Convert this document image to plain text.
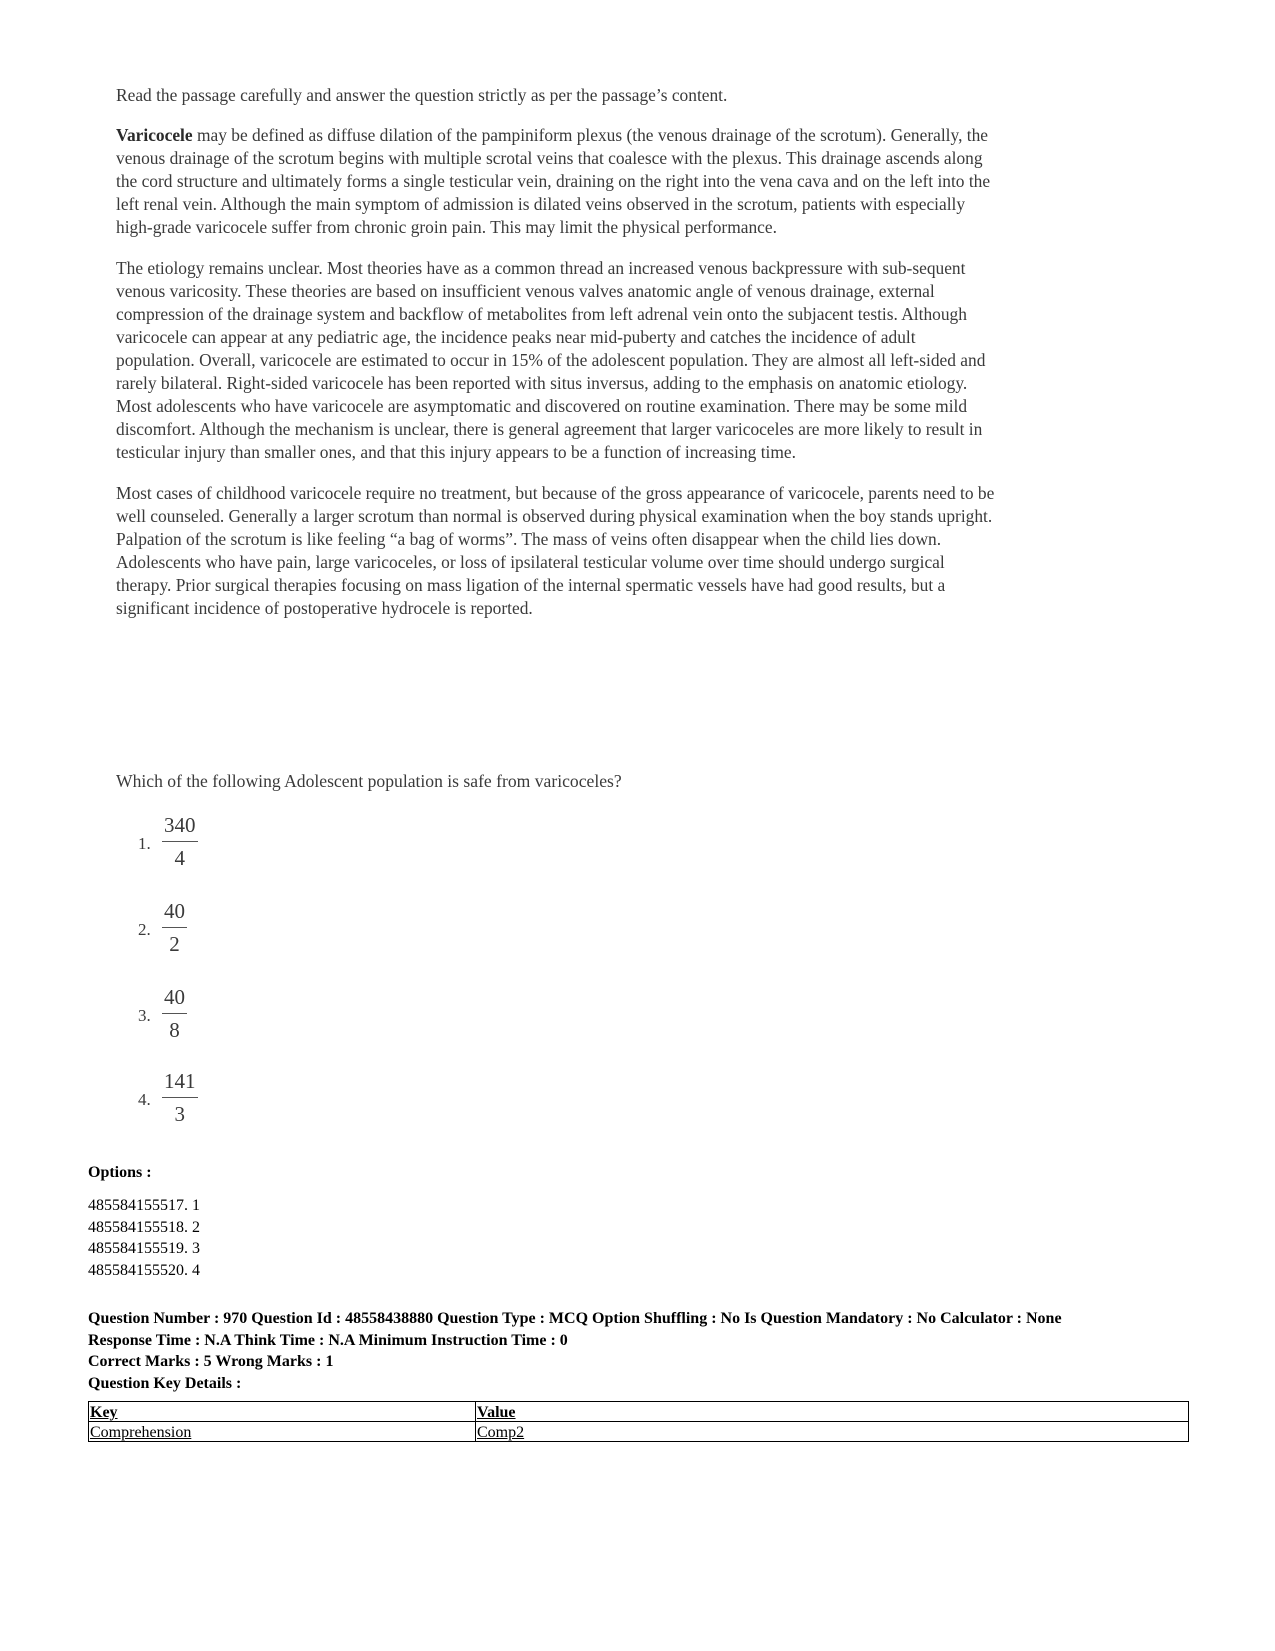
Read the passage carefully and answer the question strictly as per the passage’s content.

Varicocele may be defined as diffuse dilation of the pampiniform plexus (the venous drainage of the scrotum). Generally, the venous drainage of the scrotum begins with multiple scrotal veins that coalesce with the plexus. This drainage ascends along the cord structure and ultimately forms a single testicular vein, draining on the right into the vena cava and on the left into the left renal vein. Although the main symptom of admission is dilated veins observed in the scrotum, patients with especially high-grade varicocele suffer from chronic groin pain. This may limit the physical performance.

The etiology remains unclear. Most theories have as a common thread an increased venous backpressure with sub-sequent venous varicosity. These theories are based on insufficient venous valves anatomic angle of venous drainage, external compression of the drainage system and backflow of metabolites from left adrenal vein onto the subjacent testis. Although varicocele can appear at any pediatric age, the incidence peaks near mid-puberty and catches the incidence of adult population. Overall, varicocele are estimated to occur in 15% of the adolescent population. They are almost all left-sided and rarely bilateral. Right-sided varicocele has been reported with situs inversus, adding to the emphasis on anatomic etiology. Most adolescents who have varicocele are asymptomatic and discovered on routine examination. There may be some mild discomfort. Although the mechanism is unclear, there is general agreement that larger varicoceles are more likely to result in testicular injury than smaller ones, and that this injury appears to be a function of increasing time.

Most cases of childhood varicocele require no treatment, but because of the gross appearance of varicocele, parents need to be well counseled. Generally a larger scrotum than normal is observed during physical examination when the boy stands upright. Palpation of the scrotum is like feeling “a bag of worms”. The mass of veins often disappear when the child lies down. Adolescents who have pain, large varicoceles, or loss of ipsilateral testicular volume over time should undergo surgical therapy. Prior surgical therapies focusing on mass ligation of the internal spermatic vessels have had good results, but a significant incidence of postoperative hydrocele is reported.

Which of the following Adolescent population is safe from varicoceles?
1. $\frac{340}{4}$
2. $\frac{40}{2}$
3. $\frac{40}{8}$
4. $\frac{141}{3}$
Options :
485584155517. 1
485584155518. 2
485584155519. 3
485584155520. 4
Question Number : 970 Question Id : 48558438880 Question Type : MCQ Option Shuffling : No Is Question Mandatory : No Calculator : None
Response Time : N.A Think Time : N.A Minimum Instruction Time : 0
Correct Marks : 5 Wrong Marks : 1
Question Key Details :
Key	Value
Comprehension	Comp2
